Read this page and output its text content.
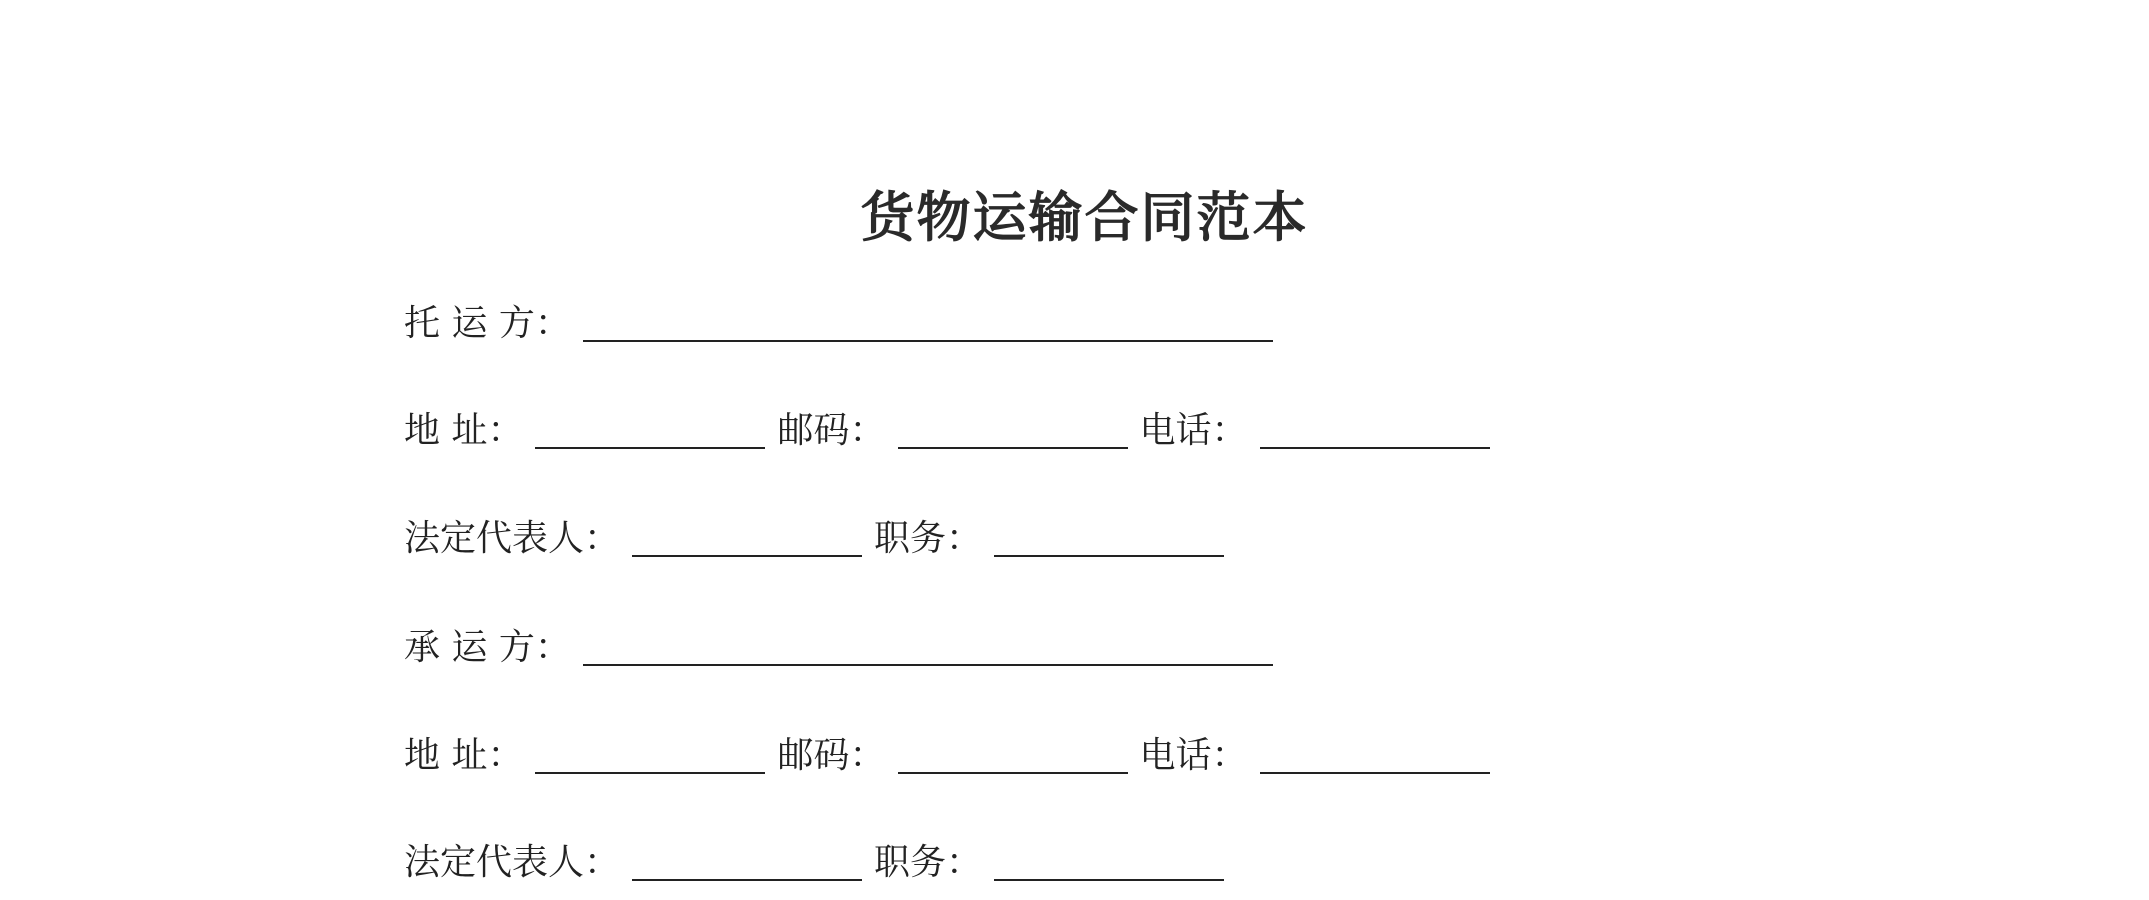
货物运输合同范本
托 运 方 ：
地 址 ：	邮码 ：	电话 ：
法定代表人 ：	职务 ：
承 运 方 ：
地 址 ：	邮码 ：	电话 ：
法定代表人 ：	职务 ：
